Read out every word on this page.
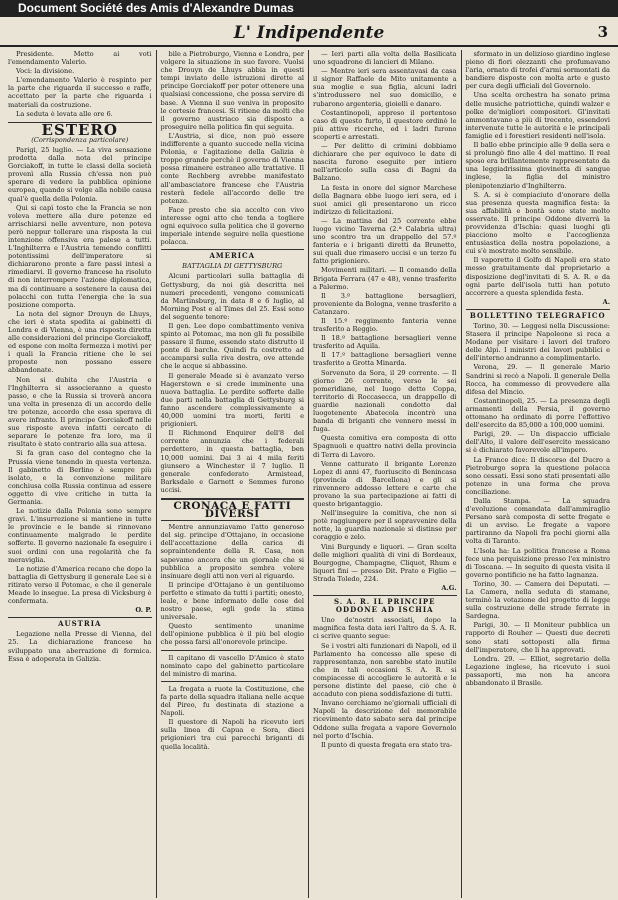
Document Société des Amis d'Alexandre Dumas
L' Indipendente	3

Presidente. Metto ai voti l'emendamento Valerio.

Voci: la divisione.

L'emendamento Valerio è respinto per la parte che riguarda il successo e raffe, accettato per la parte che riguarda i materiali da costruzione.

La seduta è levata alle ore 6.

ESTERO
(Corrispondenza particolare)

Parigi, 25 luglio. — La viva sensazione prodotta dalla nota del principe Gorciakoff, in tutte le classi della società provenì alla Russia ch'essa non può sperare di vedere la pubblica opinione europea, quando si volge alla nobile causa qual'è quella della Polonia.

Qui si capì tosto che la Francia se non voleva mettere alla dure potenze ed arrischiarsi nelle avventure, non poteva però neppur tollerare una risposta la cui intenzione offensiva era palese a tutti. L'Inghilterra e l'Austria temendo conflitti potentissimi dell'imperatore si dichiararono pronte a fare passi intesi a rimediarvi. Il governo francese ha risoluto di non interrompere l'azione diplomatica, ma di continuare a sostenere la causa dei polacchi con tutta l'energia che la sua posizione comporta.

La nota del signor Drouyn de Lhuys, che ieri è stata spedita ai gabinetti di Londra e di Vienna, è una risposta diretta alle considerazioni del principe Gorciakoff, ed espone con molta fermezza i motivi per i quali la Francia ritiene che le sei proposte non possano essere abbandonate.

Non si dubita che l'Austria e l'Inghilterra si associeranno a questo passo, e che la Russia si troverà ancora una volta in presenza di un accordo delle tre potenze, accordo che essa sperava di avere infranto. Il principe Gorciakoff nelle sue risposte aveva infatti cercato di separare le potenze fra loro, ma il risultato è stato contrario alla sua attesa.

Si fa gran caso del contegno che la Prussia viene tenendo in questa vertenza. Il gabinetto di Berlino è sempre più isolato, e la convenzione militare conchiusa colla Russia continua ad essere oggetto di vive critiche in tutta la Germania.

Le notizie dalla Polonia sono sempre gravi. L'insurrezione si mantiene in tutte le provincie e le bande si rinnovano continuamente malgrado le perdite sofferte. Il governo nazionale fa eseguire i suoi ordini con una regolarità che fa meraviglia.

Le notizie d'America recano che dopo la battaglia di Gettysburg il generale Lee si è ritirato verso il Potomac, e che il generale Meade lo insegue. La presa di Vicksburg è confermata.

O. P.
AUSTRIA

Legazione nella Presse di Vienna, del 25. La dichiarazione francese ha sviluppato una aberrazione di formica. Essa è adoperata in Galizia.

bile a Pietroburgo, Vienna e Londra, per volgere la situazione in suo favore. Vuolsi che Drouyn de Lhuys abbia in questi tempi inviato delle istruzioni dirette al principe Gorciakoff per poter ottenere una qualsiasi concessione, che possa servire di base. A Vienna il suo veniva in proposito le cortesie francesi. Si ritiene da molti che il governo austriaco sia disposto a proseguire nella politica fin qui seguita.

L'Austria, si dice, non può essere indifferente a quanto succede nella vicina Polonia, e l'agitazione della Galizia è troppo grande perchè il governo di Vienna possa rimanere estraneo alle trattative. Il conte Rechberg avrebbe manifestato all'ambasciatore francese che l'Austria resterà fedele all'accordo delle tre potenze.

Face presto che sia accolto con vivo interesse ogni atto che tenda a togliere ogni equivoco sulla politica che il governo imperiale intende seguire nella questione polacca.

AMERICA
BATTAGLIA DI GETTYSBURG

Alcuni particolari sulla battaglia di Gettysburg, da noi già descritta nei numeri precedenti, vengono comunicati da Martinsburg, in data 8 e 6 luglio, al Morning Post e al Times del 25. Essi sono del seguente tenore:

Il gen. Lee dopo combattimento veniva spinto ai Potomac, ma non gli fu possibile passare il fiume, essendo stato distrutto il ponte di barche. Quindi fu costretto ad accamparsi sulla riva destra, ove attende che le acque si abbassino.

Il generale Meade si è avanzato verso Hagerstown e si crede imminente una nuova battaglia. Le perdite sofferte dalle due parti nella battaglia di Gettysburg si fanno ascendere complessivamente a 40,000 uomini tra morti, feriti e prigionieri.

Il Richmond Enquirer dell'8 del corrente annunzia che i federali perdettero, in questa battaglia, ben 10,000 uomini. Dai 3 ai 4 mila feriti giunsero a Winchester il 7 luglio. Il generale confederato Armistead, Barksdale e Garnett e Semmes furono uccisi.

CRONACA E FATTI DIVERSI

Mentre annunziavamo l'atto generoso del sig. principe d'Ottajano, in occasione dell'accettazione della carica di sopraintendente della R. Casa, non sapevamo ancora che un giornale che si pubblica a proposito sembra volere insinuare degli atti non veri al riguardo.

Il principe d'Ottajano è un gentiluomo perfetto e stimato da tutti i partiti; onesto, leale, e bene informato delle cose del nostro paese, egli gode la stima universale.

Questo sentimento unanime dell'opinione pubblica è il più bel elogio che possa farsi all'onorevole principe.

Il capitano di vascello D'Amico è stato nominato capo del gabinetto particolare del ministro di marina.

La fregata a ruote la Costituzione, che fa parte della squadra italiana nelle acque del Pireo, fu destinata di stazione a Napoli.

Il questore di Napoli ha ricevuto ieri sulla linea di Capua e Sora, dieci prigionieri tra cui parecchi briganti di quella località.

— Ieri parti alla volta della Basilicata uno squadrone di lancieri di Milano.

— Mentre ieri sera assentavasi da casa il signor Raffaele de Mito unitamente a sua moglie e sua figlia, alcuni ladri s'introdussero nel suo domicilio, e rubarono argenteria, gioielli e danaro.

Costantinopoli, appreso il portentoso caso di questo furto, il questore ordinò le più attive ricerche, ed i ladri furono scoperti e arrestati.

— Per delitto di crimini dobbiamo dichiarare che per equivoco le date di nascita furono eseguite per intiero nell'articolo sulla casa di Bagni da Balzano.

La festa in onore del signor Marchese della Bagnara ebbe luogo ieri sera, ed i suoi amici gli presentarono un ricco indirizzo di felicitazioni.

— La mattina del 25 corrente ebbe luogo vicino Taverna (2.ª Calabria ultra) uno scontro tra un drappello del 57.º fanteria e i briganti diretti da Brunetto, sui quali due rimasero uccisi e un terzo fu fatto prigioniero.

Movimenti militari. — Il comando della Brigata Ferrara (47 e 48), venne trasferito a Palermo.

Il 3.º battaglione bersaglieri, proveniente da Bologna, venne trasferito a Catanzaro.

Il 15.º reggimento fanteria venne trasferito a Reggio.

Il 18.º battaglione bersaglieri venne trasferito ad Aquila.

Il 17.º battaglione bersaglieri venne trasferito a Grotta Minarda.

Sorvenuto da Sora, il 29 corrente. — Il giorno 26 corrente, verso le sei pomeridiane, nel luogo detto Coppa, territorio di Roccasecca, un drappello di guardie nazionali condotto dal luogotenente Abatecola incontrò una banda di briganti che vennero messi in fuga.

Questa comitiva era composta di otto Spagnuoli e quattro nativi della provincia di Terra di Lavoro.

Venne catturato il brigante Lorenzo Lopez di anni 47, fuoriuscito di Benincasa (provincia di Barcellona) e gli si rinvennero addosso lettere e carte che provano la sua partecipazione ai fatti di questo brigantaggio.

Nell'inseguire la comitiva, che non si potè raggiungere per il sopravvenire della notte, la guardia nazionale si distinse per coraggio e zelo.

Vini Burgundy e liquori. — Gran scelta delle migliori qualità di vini di Bordeaux, Bourgogne, Champagne, Cliquot, Rhum e liquori fini — presso Dit. Prato e Figlio — Strada Toledo, 224.

A.G.
S. A. R. IL PRINCIPE ODDONE AD ISCHIA

Uno de'nostri associati, dopo la magnifica festa data ieri l'altro da S. A. R. ci scrive quanto segue:

Se i vostri alti funzionari di Napoli, ed il Parlamento ha concesso alle spese di rappresentanza, non sarebbe stato inutile che in tali occasioni S. A. R. si compiacesse di accogliere le autorità e le persone distinte del paese, ciò che è accaduto con piena soddisfazione di tutti.

Invano cerchiamo ne'giornali ufficiali di Napoli la descrizione del memorabile ricevimento dato sabato sera dal principe Oddone sulla fregata a vapore Governolo nel porto d'Ischia.

Il punto di questa fregata era stato tra-

sformato in un delizioso giardino inglese pieno di fiori olezzanti che profumavano l'aria, ornato di trofei d'armi sormontati da bandiere disposte con molta arte e gusto per cura degli ufficiali del Governolo.

Una scelta orchestra ha sonato prima delle musiche patriottiche, quindi walzer e polke de'migliori compositori. Gl'invitati ammontavano a più di trecento, essendovi intervenute tutte le autorità e le principali famiglie ed i forestieri residenti nell'isola.

Il ballo ebbe principio alle 9 della sera e si prolungò fino alle 4 del mattino. Il real sposo era brillantemente rappresentato da una leggiadrissima giovinetta di sangue inglese, la figlia del ministro plenipotenziario d'Inghilterra.

S. A. si è compiaciuto d'onorare della sua presenza questa magnifica festa: la sua affabilità e bontà sono state molto osservate. Il principe Oddone diverrà la provvidenza d'Ischia: quasi luoghi gli piacciono molto e l'accoglienza entusiastica della nostra popolazione, a cui s'è mostrato molto sensibile.

Il vaporetto il Golfo di Napoli era stato messo gratuitamente dal proprietario a disposizione degl'invitati di S. A. R. e da ogni parte dell'isola tutti han potuto accorrere a questa splendida festa.

A.
BOLLETTINO TELEGRAFICO

Torino, 30. — Leggesi nella Discussione: Stasera il principe Napoleone si reca a Modane per visitare i lavori del traforo delle Alpi. I ministri dei lavori pubblici e dell'interno andranno a complimentarlo.

Verona, 29. — Il generale Mario Sandrini si recò a Napoli. Il generale Della Rocca, ha commesso di provvedere alla difesa del Mincio.

Costantinopoli, 25. — La presenza degli armamenti della Persia, il governo ottomano ha ordinato di porre l'effettivo dell'esercito da 85,000 a 100,000 uomini.

Parigi, 29. — Un dispaccio ufficiale dell'Alto, il valore dell'esercito messicano si è dichiarato favorevole all'impero.

La France dice: Il discorso del Ducro a Pietroburgo sopra la questione polacca sono cessati. Essi sono stati presentati alle potenze in una forma che prova conciliazione.

Dalla Stampa. — La squadra d'evoluzione comandata dall'ammiraglio Persano sarà composta di sette fregate e di un avviso. Le fregate a vapore partiranno da Napoli fra pochi giorni alla volta di Taranto.

L'Isola ha: La politica francese a Roma fece una perquisizione presso l'ex ministro di Toscana. — In seguito di questa visita il governo pontificio ne ha fatto lagnanza.

Torino, 30. — Camera dei Deputati. — La Camera, nella seduta di stamane, terminò la votazione del progetto di legge sulla costruzione delle strade ferrate in Sardegna.

Parigi, 30. — Il Moniteur pubblica un rapporto di Rouher — Questi due decreti sono stati sottoposti alla firma dell'imperatore, che li ha approvati.

Londra. 29. — Elliot, segretario della Legazione inglese, ha ricevuto i suoi passaporti, ma non ha ancora abbandonato il Brasile.
